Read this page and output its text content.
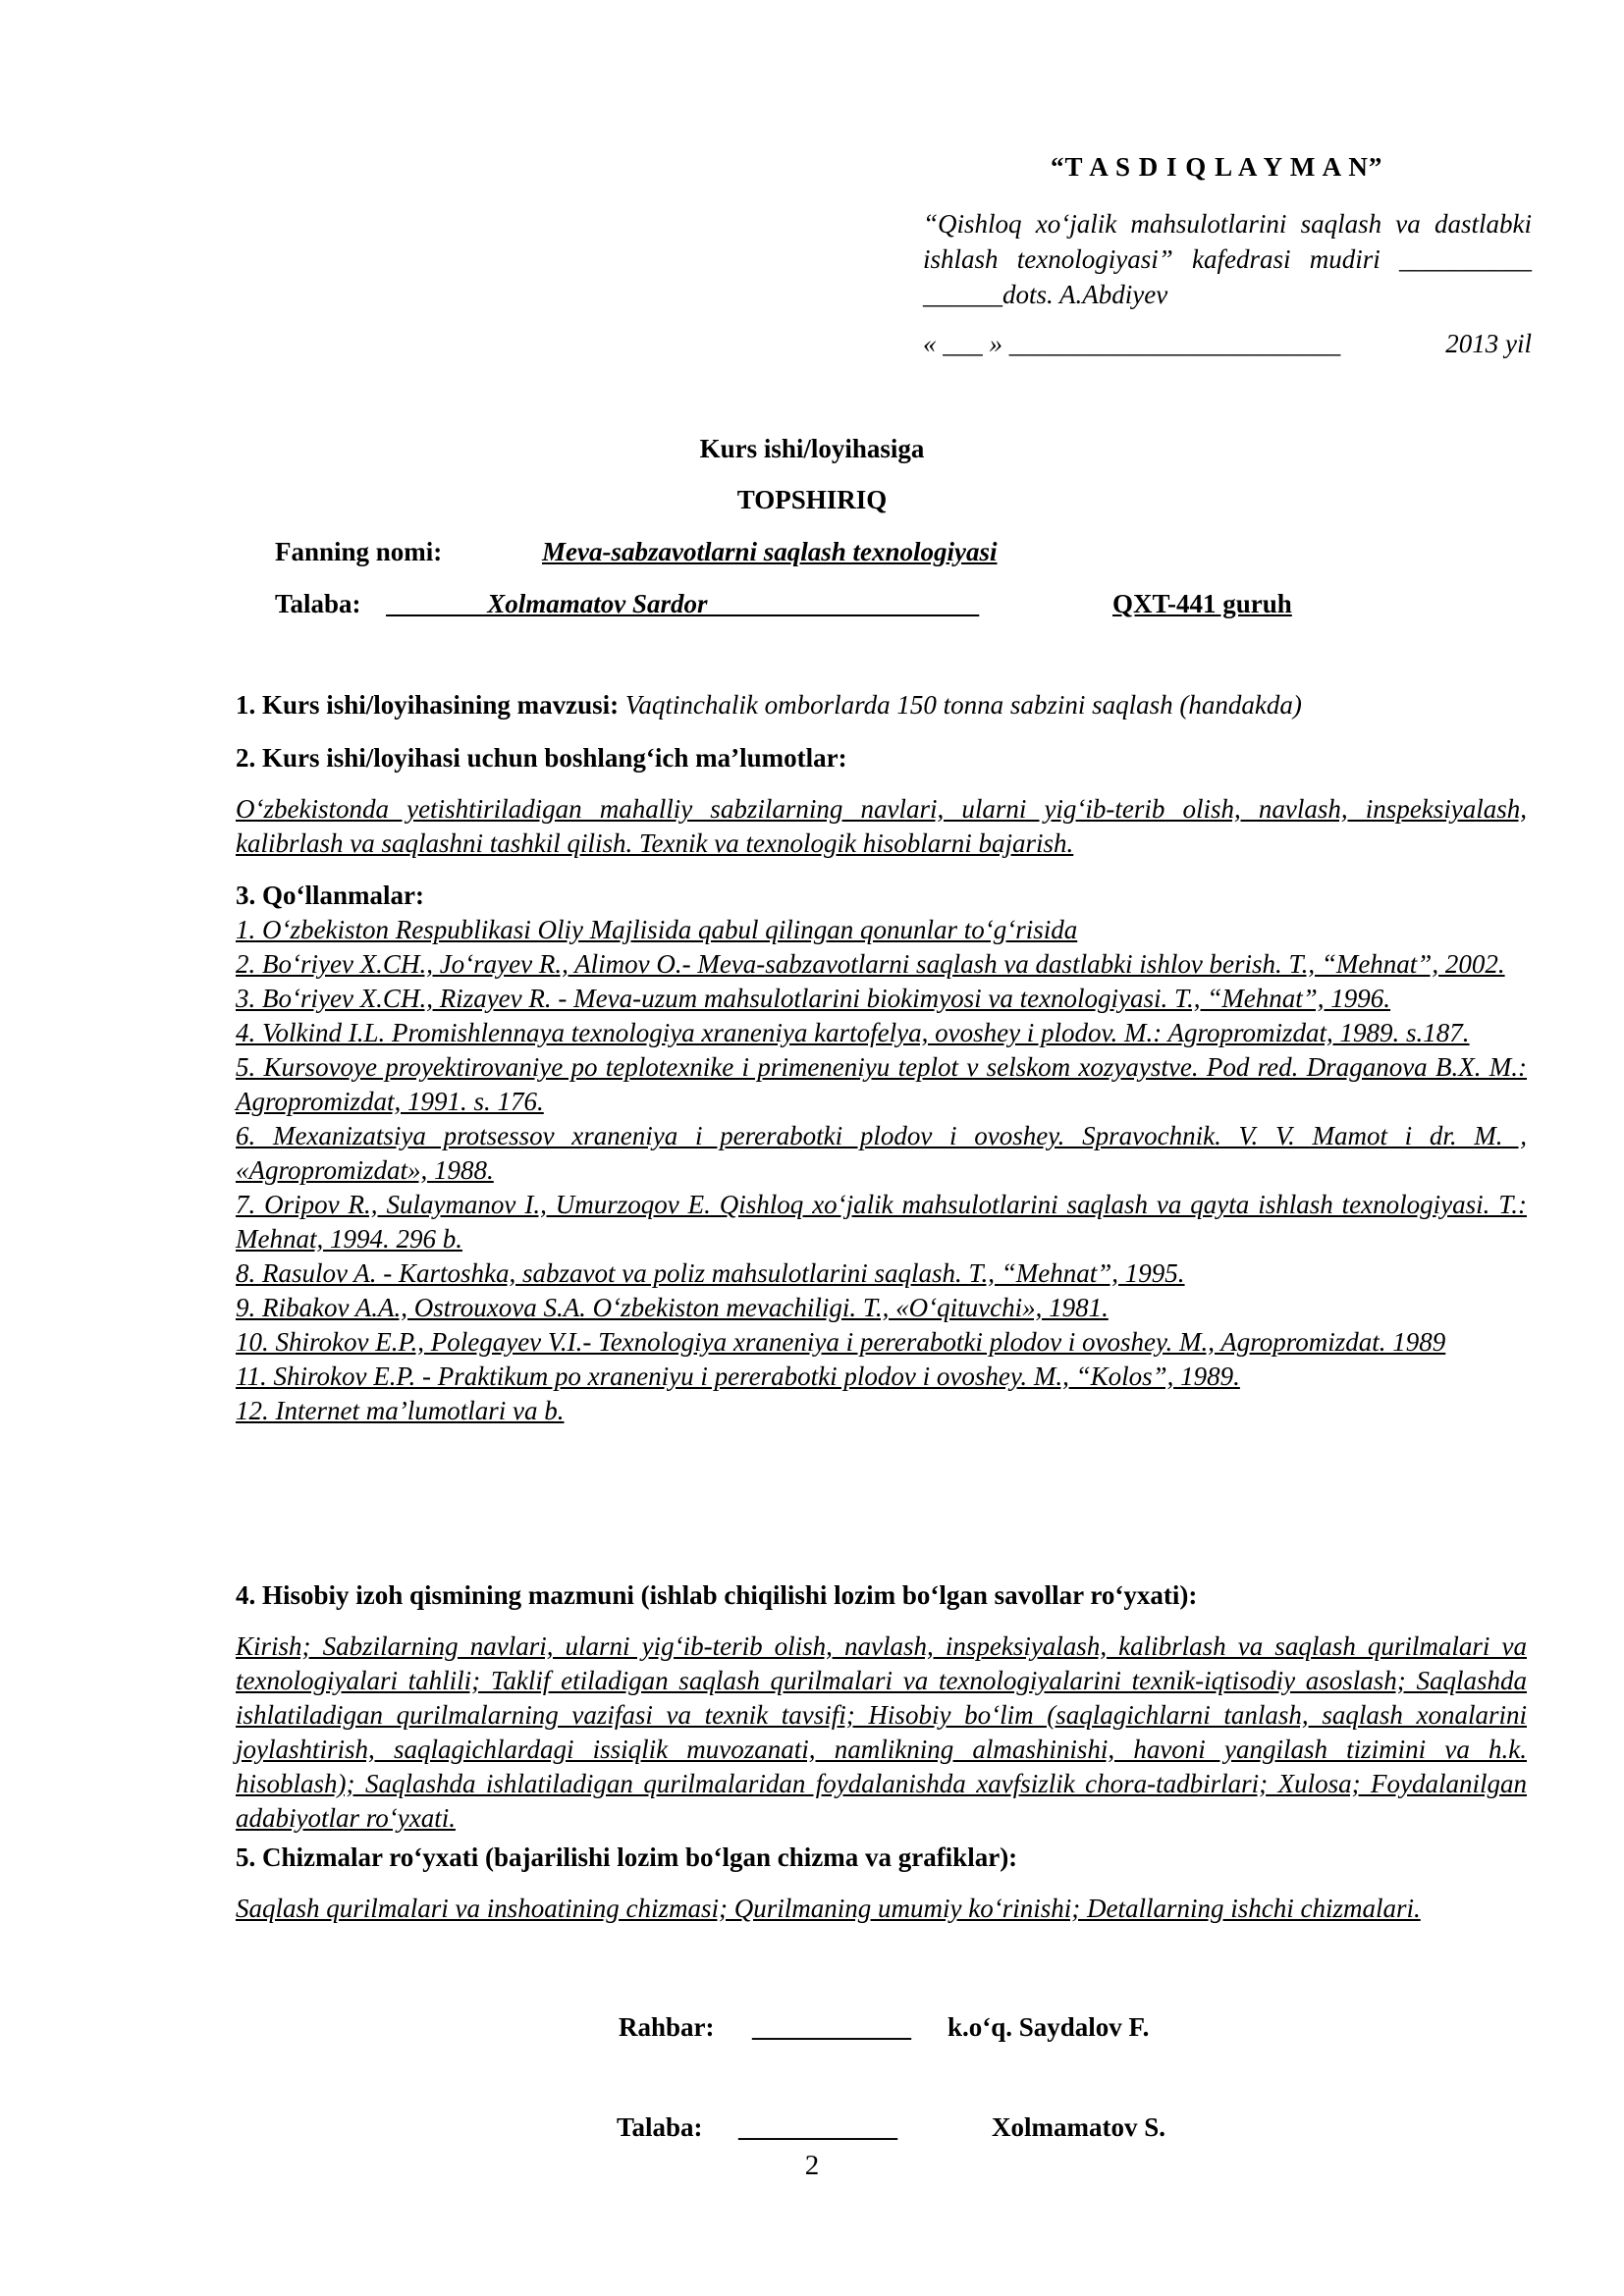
“T A S D I Q L A Y M A N”
“Qishloq xo‘jalik mahsulotlarini saqlash va dastlabki ishlash texnologiyasi” kafedrasi mudiri __________ ______dots. A.Abdiyev
« ___ » _________________________	2013 yil
Kurs ishi/loyihasiga
TOPSHIRIQ
Fanning nomi:	Meva-sabzavotlarni saqlash texnologiyasi
Talaba: _______ Xolmamatov Sardor ____________________	QXT-441 guruh
1. Kurs ishi/loyihasining mavzusi: Vaqtinchalik omborlarda 150 tonna sabzini saqlash (handakda)
2. Kurs ishi/loyihasi uchun boshlang‘ich ma’lumotlar:
O‘zbekistonda yetishtiriladigan mahalliy sabzilarning navlari, ularni yig‘ib-terib olish, navlash, inspeksiyalash, kalibrlash va saqlashni tashkil qilish. Texnik va texnologik hisoblarni bajarish.
3. Qo‘llanmalar:
1. O‘zbekiston Respublikasi Oliy Majlisida qabul qilingan qonunlar to‘g‘risida
2. Bo‘riyev X.CH., Jo‘rayev R., Alimov O.- Meva-sabzavotlarni saqlash va dastlabki ishlov berish. T., “Mehnat”, 2002.
3. Bo‘riyev X.CH., Rizayev R. - Meva-uzum mahsulotlarini biokimyosi va texnologiyasi. T., “Mehnat”, 1996.
4. Volkind I.L. Promishlennaya texnologiya xraneniya kartofelya, ovoshey i plodov. M.: Agropromizdat, 1989. s.187.
5. Kursovoye proyektirovaniye po teplotexnike i primeneniyu teplot v selskom xozyaystve. Pod red. Draganova B.X. M.: Agropromizdat, 1991. s. 176.
6. Mexanizatsiya protsessov xraneniya i pererabotki plodov i ovoshey. Spravochnik. V. V. Mamot i dr. M. , «Agropromizdat», 1988.
7. Oripov R., Sulaymanov I., Umurzoqov E. Qishloq xo‘jalik mahsulotlarini saqlash va qayta ishlash texnologiyasi. T.: Mehnat, 1994. 296 b.
8. Rasulov A. - Kartoshka, sabzavot va poliz mahsulotlarini saqlash. T., “Mehnat”, 1995.
9. Ribakov A.A., Ostrouxova S.A. O‘zbekiston mevachiligi. T., «O‘qituvchi», 1981.
10. Shirokov E.P., Polegayev V.I.- Texnologiya xraneniya i pererabotki plodov i ovoshey. M., Agropromizdat. 1989
11. Shirokov E.P. - Praktikum po xraneniyu i pererabotki plodov i ovoshey. M., “Kolos”, 1989.
12. Internet ma’lumotlari va b.
4. Hisobiy izoh qismining mazmuni (ishlab chiqilishi lozim bo‘lgan savollar ro‘yxati):
Kirish; Sabzilarning navlari, ularni yig‘ib-terib olish, navlash, inspeksiyalash, kalibrlash va saqlash qurilmalari va texnologiyalari tahlili; Taklif etiladigan saqlash qurilmalari va texnologiyalarini texnik-iqtisodiy asoslash; Saqlashda ishlatiladigan qurilmalarning vazifasi va texnik tavsifi; Hisobiy bo‘lim (saqlagichlarni tanlash, saqlash xonalarini joylashtirish, saqlagichlardagi issiqlik muvozanati, namlikning almashinishi, havoni yangilash tizimini va h.k. hisoblash); Saqlashda ishlatiladigan qurilmalaridan foydalanishda xavfsizlik chora-tadbirlari; Xulosa; Foydalanilgan adabiyotlar ro‘yxati.
5. Chizmalar ro‘yxati (bajarilishi lozim bo‘lgan chizma va grafiklar):
Saqlash qurilmalari va inshoatining chizmasi; Qurilmaning umumiy ko‘rinishi; Detallarning ishchi chizmalari.
Rahbar: ____________ k.o‘q. Saydalov F.
Talaba: ____________	Xolmamatov S.
2
